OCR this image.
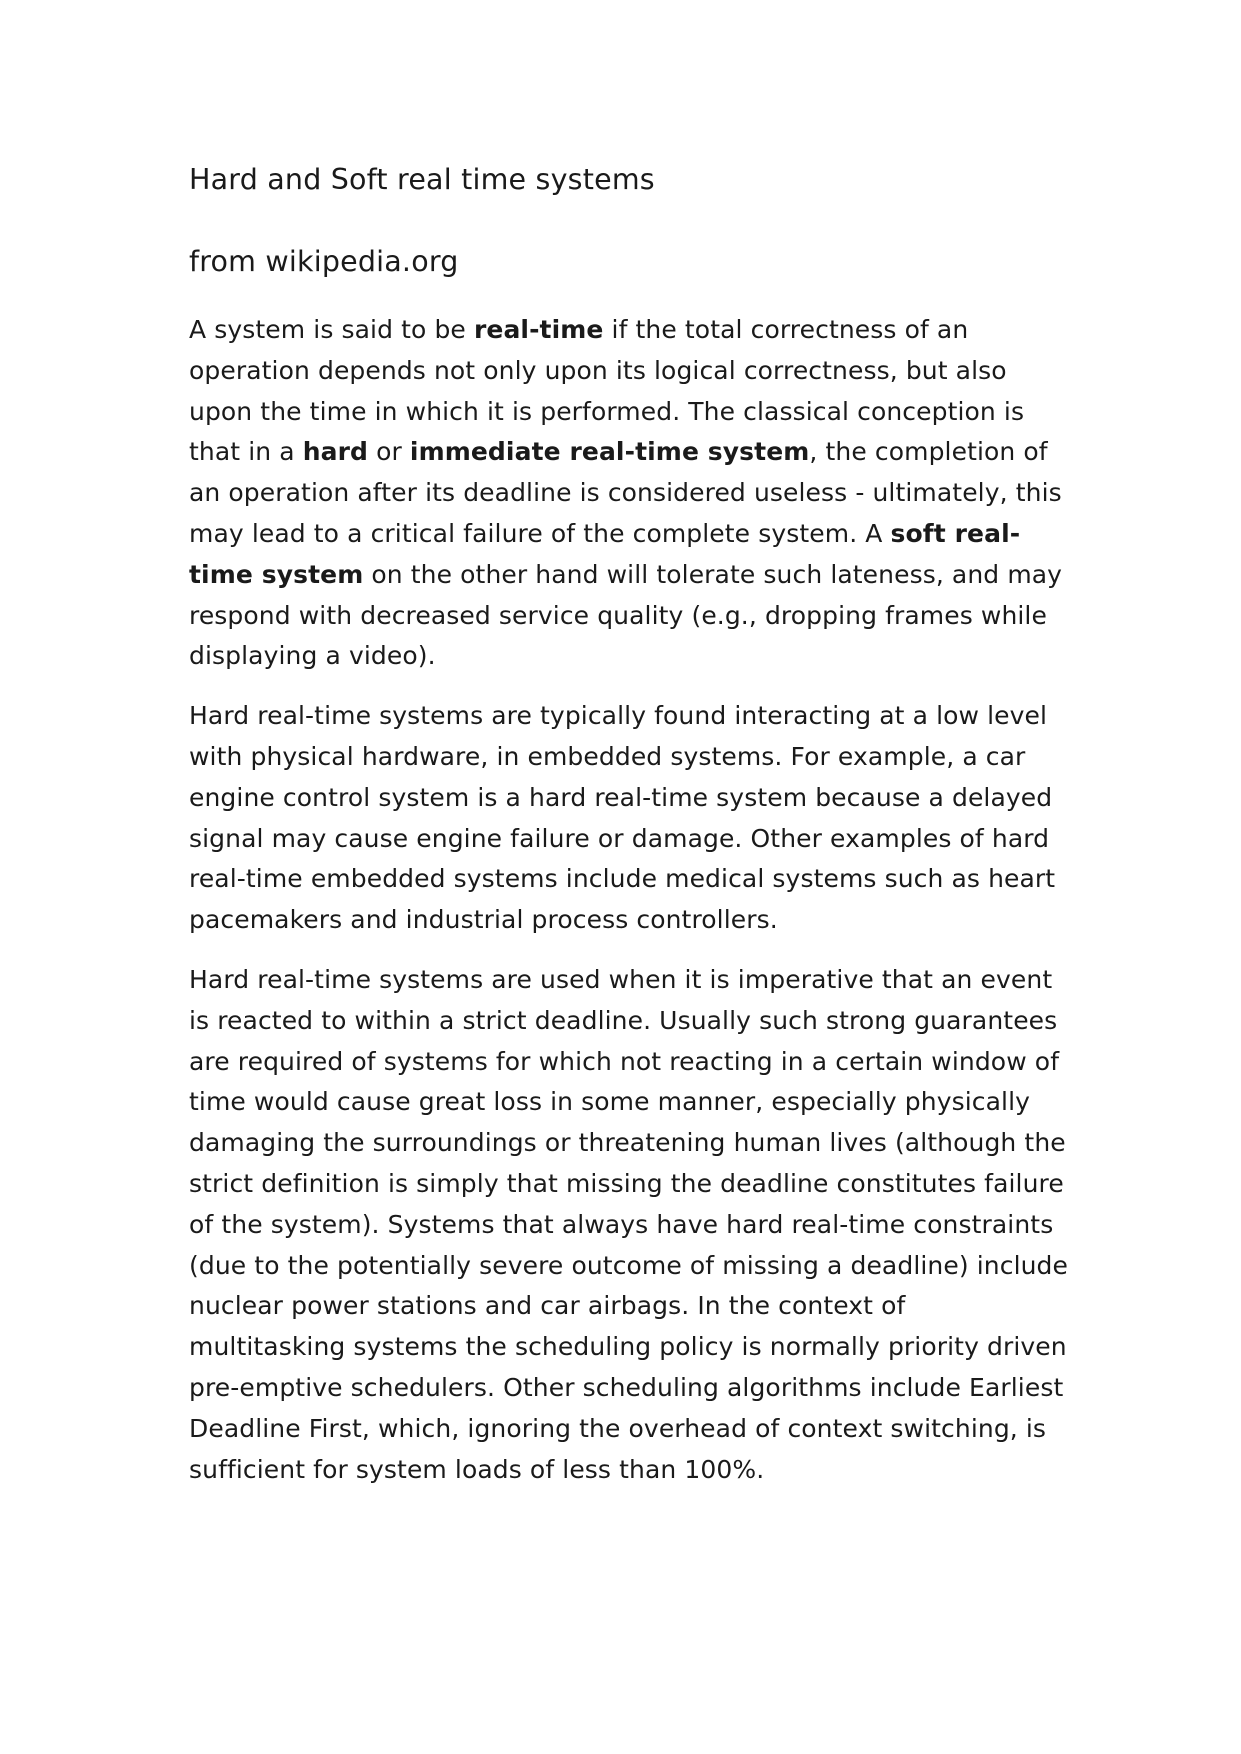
Hard and Soft real time systems
from wikipedia.org

A system is said to be real-time if the total correctness of an operation depends not only upon its logical correctness, but also upon the time in which it is performed. The classical conception is that in a hard or immediate real-time system, the completion of an operation after its deadline is considered useless - ultimately, this may lead to a critical failure of the complete system. A soft real-time system on the other hand will tolerate such lateness, and may respond with decreased service quality (e.g., dropping frames while displaying a video).

Hard real-time systems are typically found interacting at a low level with physical hardware, in embedded systems. For example, a car engine control system is a hard real-time system because a delayed signal may cause engine failure or damage. Other examples of hard real-time embedded systems include medical systems such as heart pacemakers and industrial process controllers.

Hard real-time systems are used when it is imperative that an event is reacted to within a strict deadline. Usually such strong guarantees are required of systems for which not reacting in a certain window of time would cause great loss in some manner, especially physically damaging the surroundings or threatening human lives (although the strict definition is simply that missing the deadline constitutes failure of the system). Systems that always have hard real-time constraints (due to the potentially severe outcome of missing a deadline) include nuclear power stations and car airbags. In the context of multitasking systems the scheduling policy is normally priority driven pre-emptive schedulers. Other scheduling algorithms include Earliest Deadline First, which, ignoring the overhead of context switching, is sufficient for system loads of less than 100%.
